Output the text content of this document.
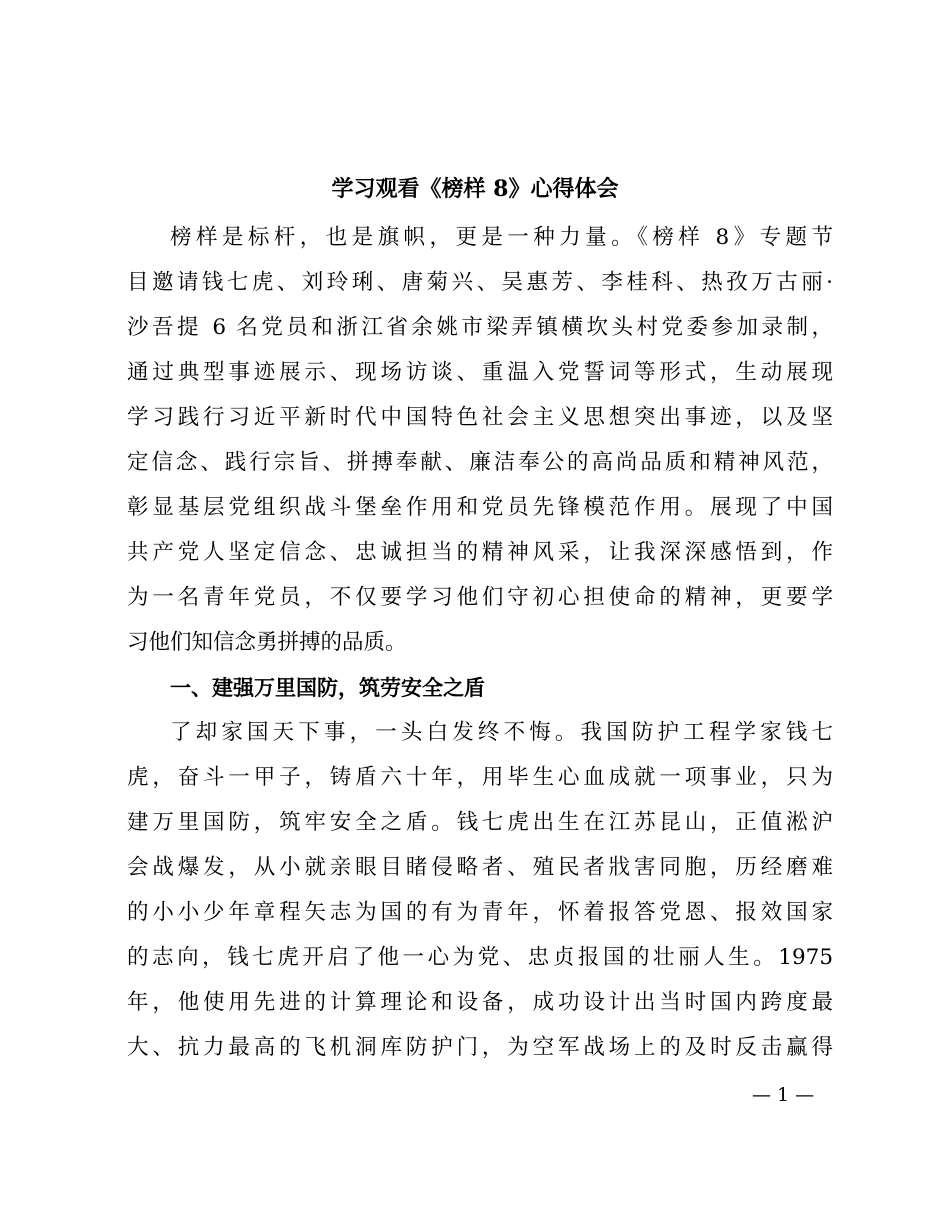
学习观看《榜样 8》心得体会
榜样是标杆，也是旗帜，更是一种力量。《榜样 8》专题节
目邀请钱七虎、刘玲琍、唐菊兴、吴惠芳、李桂科、热孜万古丽·
沙吾提 6 名党员和浙江省余姚市梁弄镇横坎头村党委参加录制，
通过典型事迹展示、现场访谈、重温入党誓词等形式，生动展现
学习践行习近平新时代中国特色社会主义思想突出事迹，以及坚
定信念、践行宗旨、拼搏奉献、廉洁奉公的高尚品质和精神风范，
彰显基层党组织战斗堡垒作用和党员先锋模范作用。展现了中国
共产党人坚定信念、忠诚担当的精神风采，让我深深感悟到，作
为一名青年党员，不仅要学习他们守初心担使命的精神，更要学
习他们知信念勇拼搏的品质。
一、建强万里国防，筑劳安全之盾
了却家国天下事，一头白发终不悔。我国防护工程学家钱七
虎，奋斗一甲子，铸盾六十年，用毕生心血成就一项事业，只为
建万里国防，筑牢安全之盾。钱七虎出生在江苏昆山，正值淞沪
会战爆发，从小就亲眼目睹侵略者、殖民者戕害同胞，历经磨难
的小小少年章程矢志为国的有为青年，怀着报答党恩、报效国家
的志向，钱七虎开启了他一心为党、忠贞报国的壮丽人生。1975
年，他使用先进的计算理论和设备，成功设计出当时国内跨度最
大、抗力最高的飞机洞库防护门，为空军战场上的及时反击赢得
— 1 —
